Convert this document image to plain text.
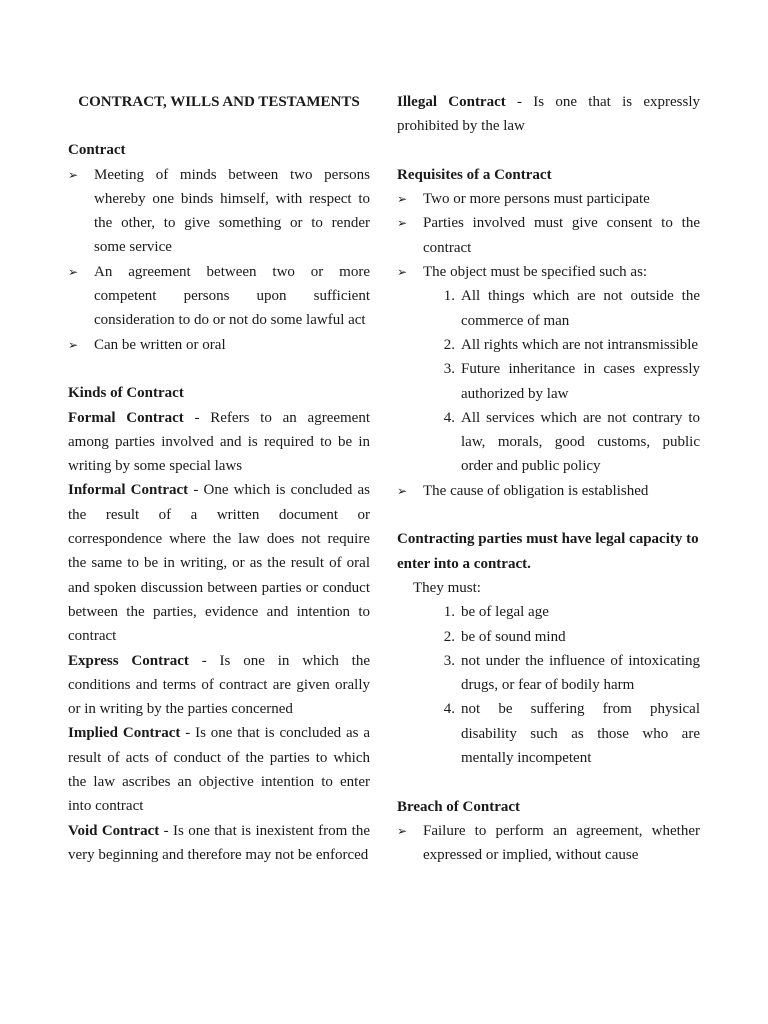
CONTRACT, WILLS AND TESTAMENTS

Contract

➢ Meeting of minds between two persons whereby one binds himself, with respect to the other, to give something or to render some service
➢ An agreement between two or more competent persons upon sufficient consideration to do or not do some lawful act
➢ Can be written or oral

Kinds of Contract

Formal Contract - Refers to an agreement among parties involved and is required to be in writing by some special laws

Informal Contract - One which is concluded as the result of a written document or correspondence where the law does not require the same to be in writing, or as the result of oral and spoken discussion between parties or conduct between the parties, evidence and intention to contract

Express Contract - Is one in which the conditions and terms of contract are given orally or in writing by the parties concerned

Implied Contract - Is one that is concluded as a result of acts of conduct of the parties to which the law ascribes an objective intention to enter into contract

Void Contract - Is one that is inexistent from the very beginning and therefore may not be enforced

Illegal Contract - Is one that is expressly prohibited by the law

Requisites of a Contract

➢ Two or more persons must participate
➢ Parties involved must give consent to the contract
➢ The object must be specified such as:
1. All things which are not outside the commerce of man
2. All rights which are not intransmissible
3. Future inheritance in cases expressly authorized by law
4. All services which are not contrary to law, morals, good customs, public order and public policy
➢ The cause of obligation is established

Contracting parties must have legal capacity to enter into a contract.

They must:

1. be of legal age
2. be of sound mind
3. not under the influence of intoxicating drugs, or fear of bodily harm
4. not be suffering from physical disability such as those who are mentally incompetent

Breach of Contract

➢ Failure to perform an agreement, whether expressed or implied, without cause
